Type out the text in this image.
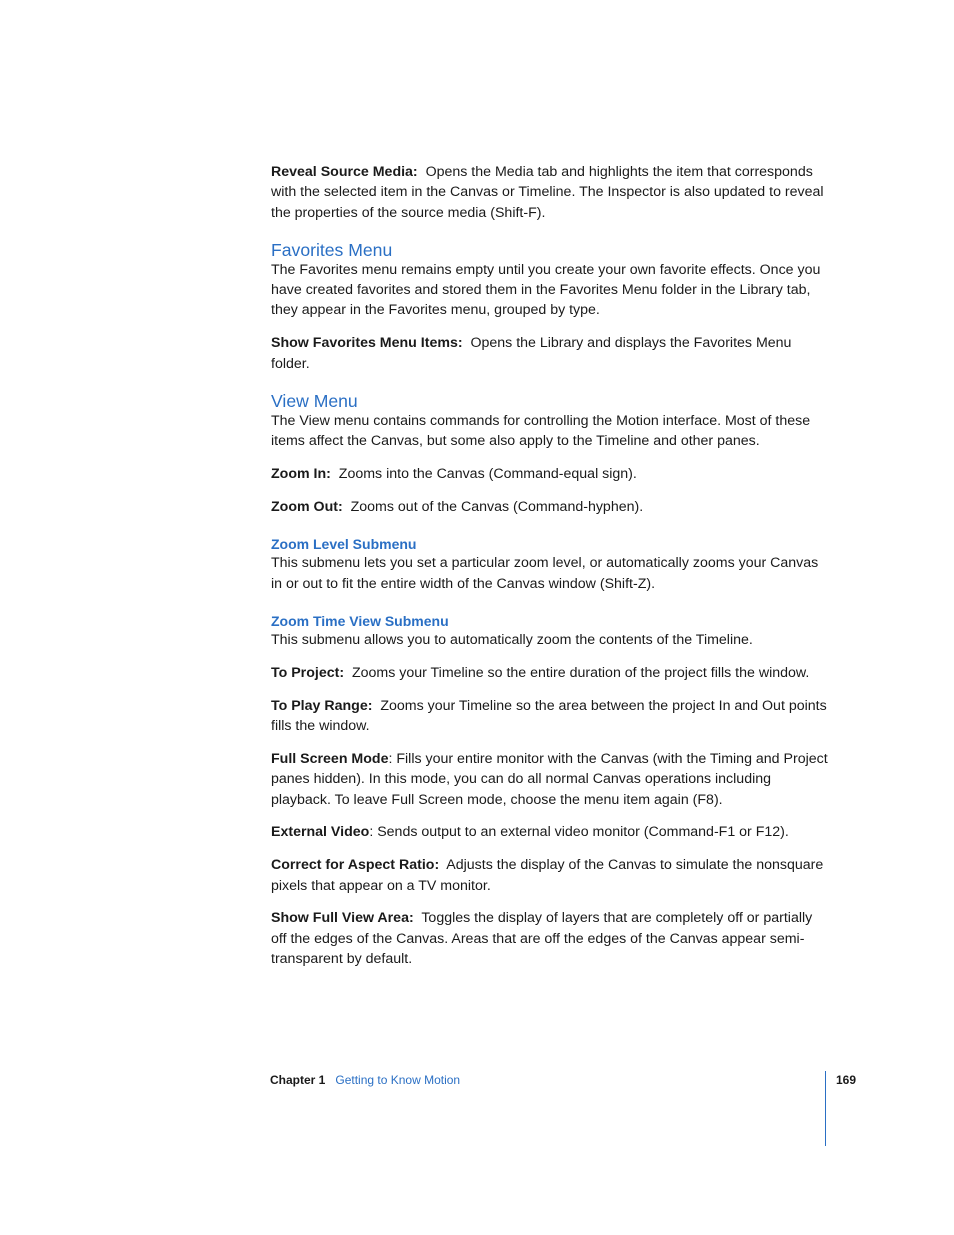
Reveal Source Media: Opens the Media tab and highlights the item that corresponds with the selected item in the Canvas or Timeline. The Inspector is also updated to reveal the properties of the source media (Shift-F).

Favorites Menu

The Favorites menu remains empty until you create your own favorite effects. Once you have created favorites and stored them in the Favorites Menu folder in the Library tab, they appear in the Favorites menu, grouped by type.

Show Favorites Menu Items: Opens the Library and displays the Favorites Menu folder.

View Menu

The View menu contains commands for controlling the Motion interface. Most of these items affect the Canvas, but some also apply to the Timeline and other panes.

Zoom In: Zooms into the Canvas (Command-equal sign).

Zoom Out: Zooms out of the Canvas (Command-hyphen).

Zoom Level Submenu

This submenu lets you set a particular zoom level, or automatically zooms your Canvas in or out to fit the entire width of the Canvas window (Shift-Z).

Zoom Time View Submenu

This submenu allows you to automatically zoom the contents of the Timeline.

To Project: Zooms your Timeline so the entire duration of the project fills the window.

To Play Range: Zooms your Timeline so the area between the project In and Out points fills the window.

Full Screen Mode: Fills your entire monitor with the Canvas (with the Timing and Project panes hidden). In this mode, you can do all normal Canvas operations including playback. To leave Full Screen mode, choose the menu item again (F8).

External Video: Sends output to an external video monitor (Command-F1 or F12).

Correct for Aspect Ratio: Adjusts the display of the Canvas to simulate the nonsquare pixels that appear on a TV monitor.

Show Full View Area: Toggles the display of layers that are completely off or partially off the edges of the Canvas. Areas that are off the edges of the Canvas appear semi-transparent by default.

Chapter 1 Getting to Know Motion	169
